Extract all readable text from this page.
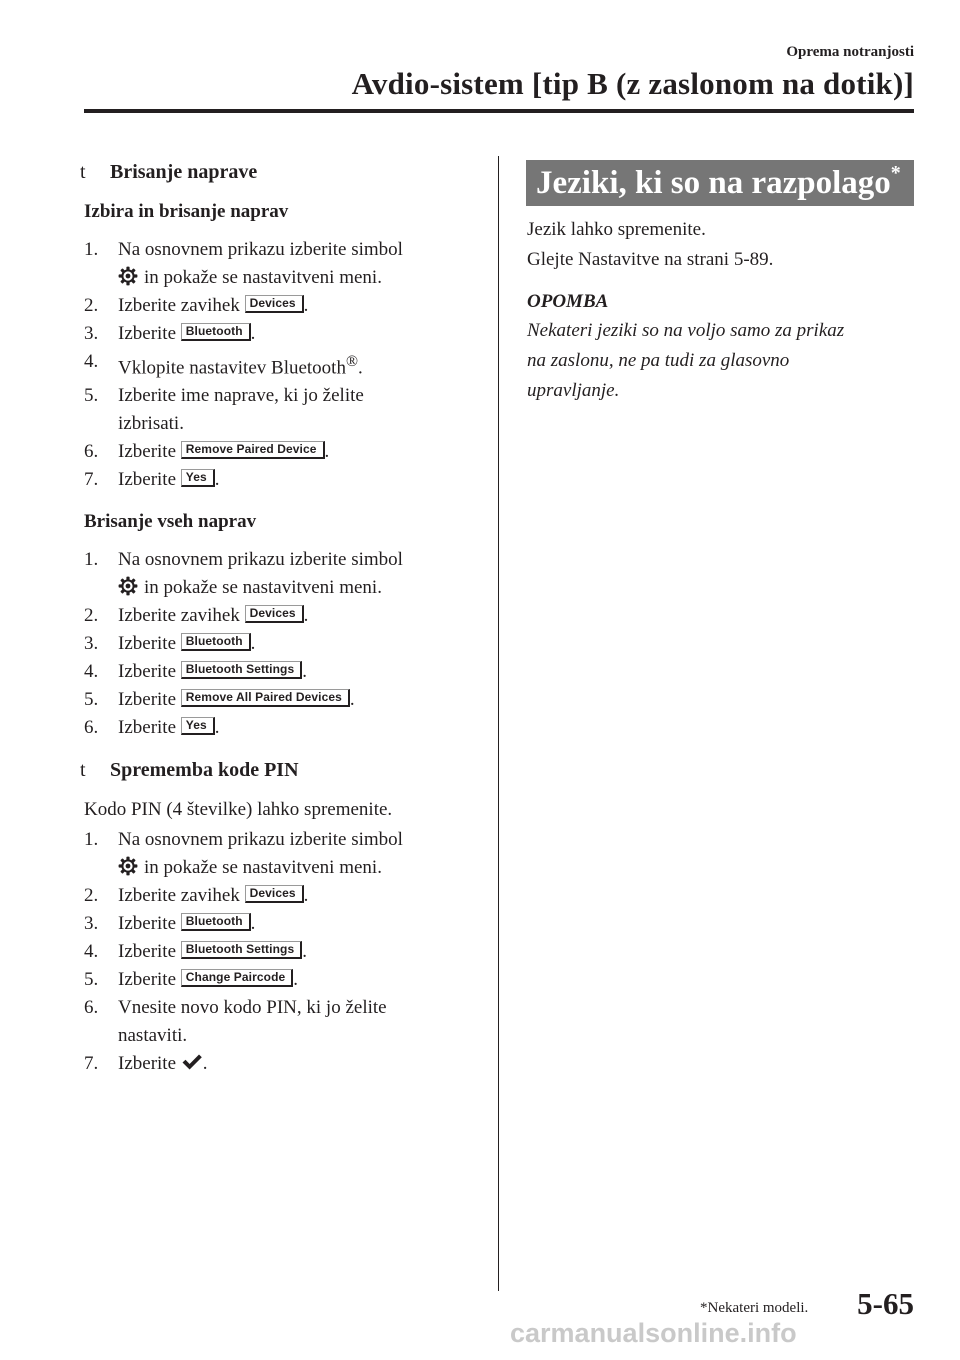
Oprema notranjosti
Avdio-sistem [tip B (z zaslonom na dotik)]
t Brisanje naprave
Izbira in brisanje naprav
1. Na osnovnem prikazu izberite simbol
in pokaže se nastavitveni meni.
2. Izberite zavihek Devices .
3. Izberite Bluetooth .
4. Vklopite nastavitev Bluetooth®.
5. Izberite ime naprave, ki jo želite
izbrisati.
6. Izberite Remove Paired Device .
7. Izberite Yes .
Brisanje vseh naprav
1. Na osnovnem prikazu izberite simbol
in pokaže se nastavitveni meni.
2. Izberite zavihek Devices .
3. Izberite Bluetooth .
4. Izberite Bluetooth Settings .
5. Izberite Remove All Paired Devices .
6. Izberite Yes .
t Sprememba kode PIN
Kodo PIN (4 številke) lahko spremenite.
1. Na osnovnem prikazu izberite simbol
in pokaže se nastavitveni meni.
2. Izberite zavihek Devices .
3. Izberite Bluetooth .
4. Izberite Bluetooth Settings .
5. Izberite Change Paircode .
6. Vnesite novo kodo PIN, ki jo želite
nastaviti.
7. Izberite .
Jeziki, ki so na razpolago*
Jezik lahko spremenite.
Glejte Nastavitve na strani 5-89.
OPOMBA
Nekateri jeziki so na voljo samo za prikaz
na zaslonu, ne pa tudi za glasovno
upravljanje.
*Nekateri modeli. 5-65
carmanualsonline.info
